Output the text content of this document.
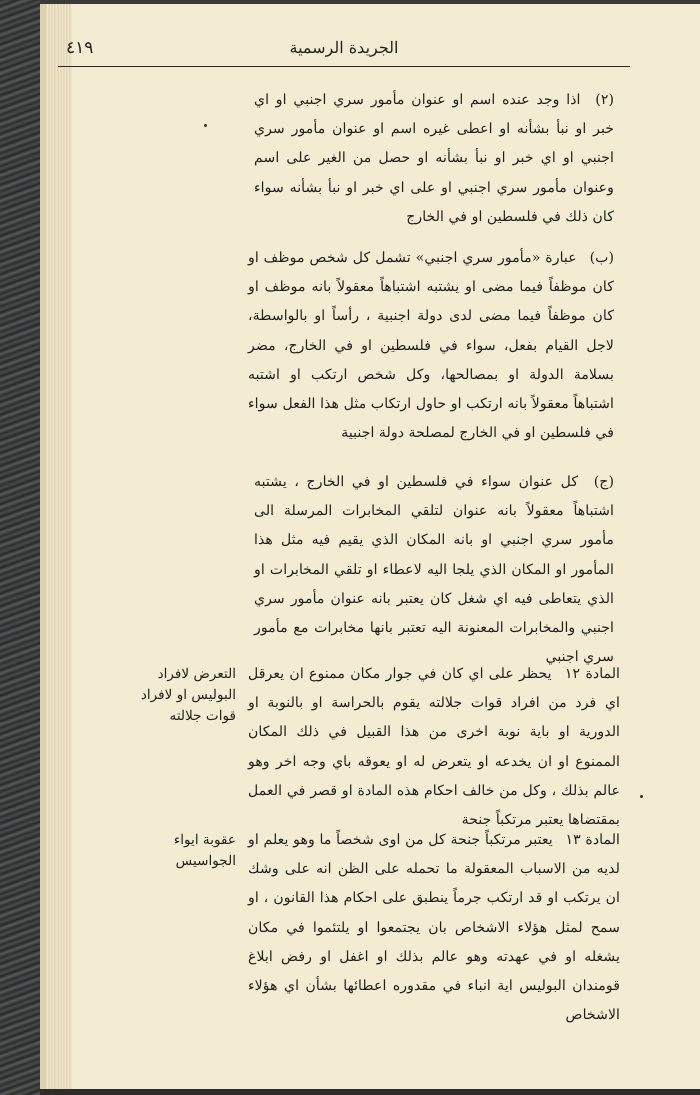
الجريدة الرسمية
٤١٩
(٢) اذا وجد عنده اسم او عنوان مأمور سري اجنبي او اي خبر او نبأ بشأنه او اعطى غيره اسم او عنوان مأمور سري اجنبي او اي خبر او نبأ بشأنه او حصل من الغير على اسم وعنوان مأمور سري اجنبي او على اي خبر او نبأ بشأنه سواء كان ذلك في فلسطين او في الخارج
(ب) عبارة «مأمور سري اجنبي» تشمل كل شخص موظف او كان موظفاً فيما مضى او يشتبه اشتباهاً معقولاً بانه موظف او كان موظفاً فيما مضى لدى دولة اجنبية ، رأساً او بالواسطة، لاجل القيام بفعل، سواء في فلسطين او في الخارج، مضر بسلامة الدولة او بمصالحها، وكل شخص ارتكب او اشتبه اشتباهاً معقولاً بانه ارتكب او حاول ارتكاب مثل هذا الفعل سواء في فلسطين او في الخارج لمصلحة دولة اجنبية
(ج) كل عنوان سواء في فلسطين او في الخارج ، يشتبه اشتباهاً معقولاً بانه عنوان لتلقي المخابرات المرسلة الى مأمور سري اجنبي او بانه المكان الذي يقيم فيه مثل هذا المأمور او المكان الذي يلجا اليه لاعطاء او تلقي المخابرات او الذي يتعاطى فيه اي شغل كان يعتبر بانه عنوان مأمور سري اجنبي والمخابرات المعنونة اليه تعتبر بانها مخابرات مع مأمور سري اجنبي
المادة ١٢ يحظر على اي كان في جوار مكان ممنوع ان يعرقل اي فرد من افراد قوات جلالته يقوم بالحراسة او بالنوبة او الدورية او باية نوبة اخرى من هذا القبيل في ذلك المكان الممنوع او ان يخدعه او يتعرض له او يعوقه باي وجه اخر وهو عالم بذلك ، وكل من خالف احكام هذه المادة او قصر في العمل بمقتضاها يعتبر مرتكباً جنحة
التعرض لافراد البوليس او لافراد قوات جلالته
المادة ١٣ يعتبر مرتكباً جنحة كل من اوى شخصاً ما وهو يعلم او لديه من الاسباب المعقولة ما تحمله على الظن انه على وشك ان يرتكب او قد ارتكب جرماً ينطبق على احكام هذا القانون ، او سمح لمثل هؤلاء الاشخاص بان يجتمعوا او يلتئموا في مكان يشغله او في عهدته وهو عالم بذلك او اغفل او رفض ابلاغ قومندان البوليس اية انباء في مقدوره اعطائها بشأن اي هؤلاء الاشخاص
عقوبة ايواء الجواسيس
